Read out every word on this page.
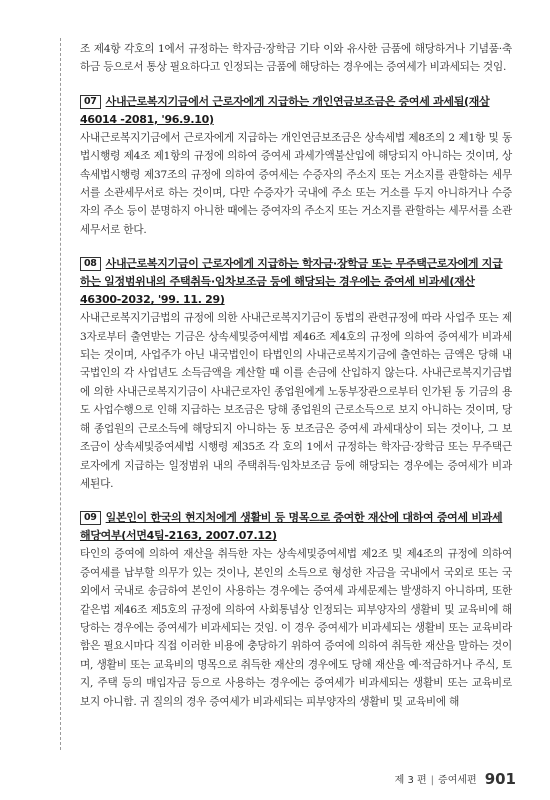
조 제4항 각호의 1에서 규정하는 학자금·장학금 기타 이와 유사한 금품에 해당하거나 기념품·축하금 등으로서 통상 필요하다고 인정되는 금품에 해당하는 경우에는 증여세가 비과세되는 것임.

07 사내근로복지기금에서 근로자에게 지급하는 개인연금보조금은 증여세 과세됨(재삼 46014 -2081, '96.9.10)

사내근로복지기금에서 근로자에게 지급하는 개인연금보조금은 상속세법 제8조의 2 제1항 및 동법시행령 제4조 제1항의 규정에 의하여 증여세 과세가액불산입에 해당되지 아니하는 것이며, 상속세법시행령 제37조의 규정에 의하여 증여세는 수증자의 주소지 또는 거소지를 관할하는 세무서를 소관세무서로 하는 것이며, 다만 수증자가 국내에 주소 또는 거소를 두지 아니하거나 수증자의 주소 등이 분명하지 아니한 때에는 증여자의 주소지 또는 거소지를 관할하는 세무서를 소관세무서로 한다.

08 사내근로복지기금이 근로자에게 지급하는 학자금·장학금 또는 무주택근로자에게 지급하는 일정범위내의 주택취득·임차보조금 등에 해당되는 경우에는 증여세 비과세(재산 46300-2032, '99. 11. 29)

사내근로복지기금법의 규정에 의한 사내근로복지기금이 동법의 관련규정에 따라 사업주 또는 제3자로부터 출연받는 기금은 상속세및증여세법 제46조 제4호의 규정에 의하여 증여세가 비과세되는 것이며, 사업주가 아닌 내국법인이 타법인의 사내근로복지기금에 출연하는 금액은 당해 내국법인의 각 사업년도 소득금액을 계산할 때 이를 손금에 산입하지 않는다. 사내근로복지기금법에 의한 사내근로복지기금이 사내근로자인 종업원에게 노동부장관으로부터 인가된 동 기금의 용도 사업수행으로 인해 지급하는 보조금은 당해 종업원의 근로소득으로 보지 아니하는 것이며, 당해 종업원의 근로소득에 해당되지 아니하는 동 보조금은 증여세 과세대상이 되는 것이나, 그 보조금이 상속세및증여세법 시행령 제35조 각 호의 1에서 규정하는 학자금·장학금 또는 무주택근로자에게 지급하는 일정범위 내의 주택취득·임차보조금 등에 해당되는 경우에는 증여세가 비과세된다.

09 일본인이 한국의 현지처에게 생활비 등 명목으로 증여한 재산에 대하여 증여세 비과세 해당여부(서면4팀-2163, 2007.07.12)

타인의 증여에 의하여 재산을 취득한 자는 상속세및증여세법 제2조 및 제4조의 규정에 의하여 증여세를 납부할 의무가 있는 것이나, 본인의 소득으로 형성한 자금을 국내에서 국외로 또는 국외에서 국내로 송금하여 본인이 사용하는 경우에는 증여세 과세문제는 발생하지 아니하며, 또한 같은법 제46조 제5호의 규정에 의하여 사회통념상 인정되는 피부양자의 생활비 및 교육비에 해당하는 경우에는 증여세가 비과세되는 것임. 이 경우 증여세가 비과세되는 생활비 또는 교육비라 함은 필요시마다 직접 이러한 비용에 충당하기 위하여 증여에 의하여 취득한 재산을 말하는 것이며, 생활비 또는 교육비의 명목으로 취득한 재산의 경우에도 당해 재산을 예·적금하거나 주식, 토지, 주택 등의 매입자금 등으로 사용하는 경우에는 증여세가 비과세되는 생활비 또는 교육비로 보지 아니함. 귀 질의의 경우 증여세가 비과세되는 피부양자의 생활비 및 교육비에 해

제 3 편 | 증여세편 901
